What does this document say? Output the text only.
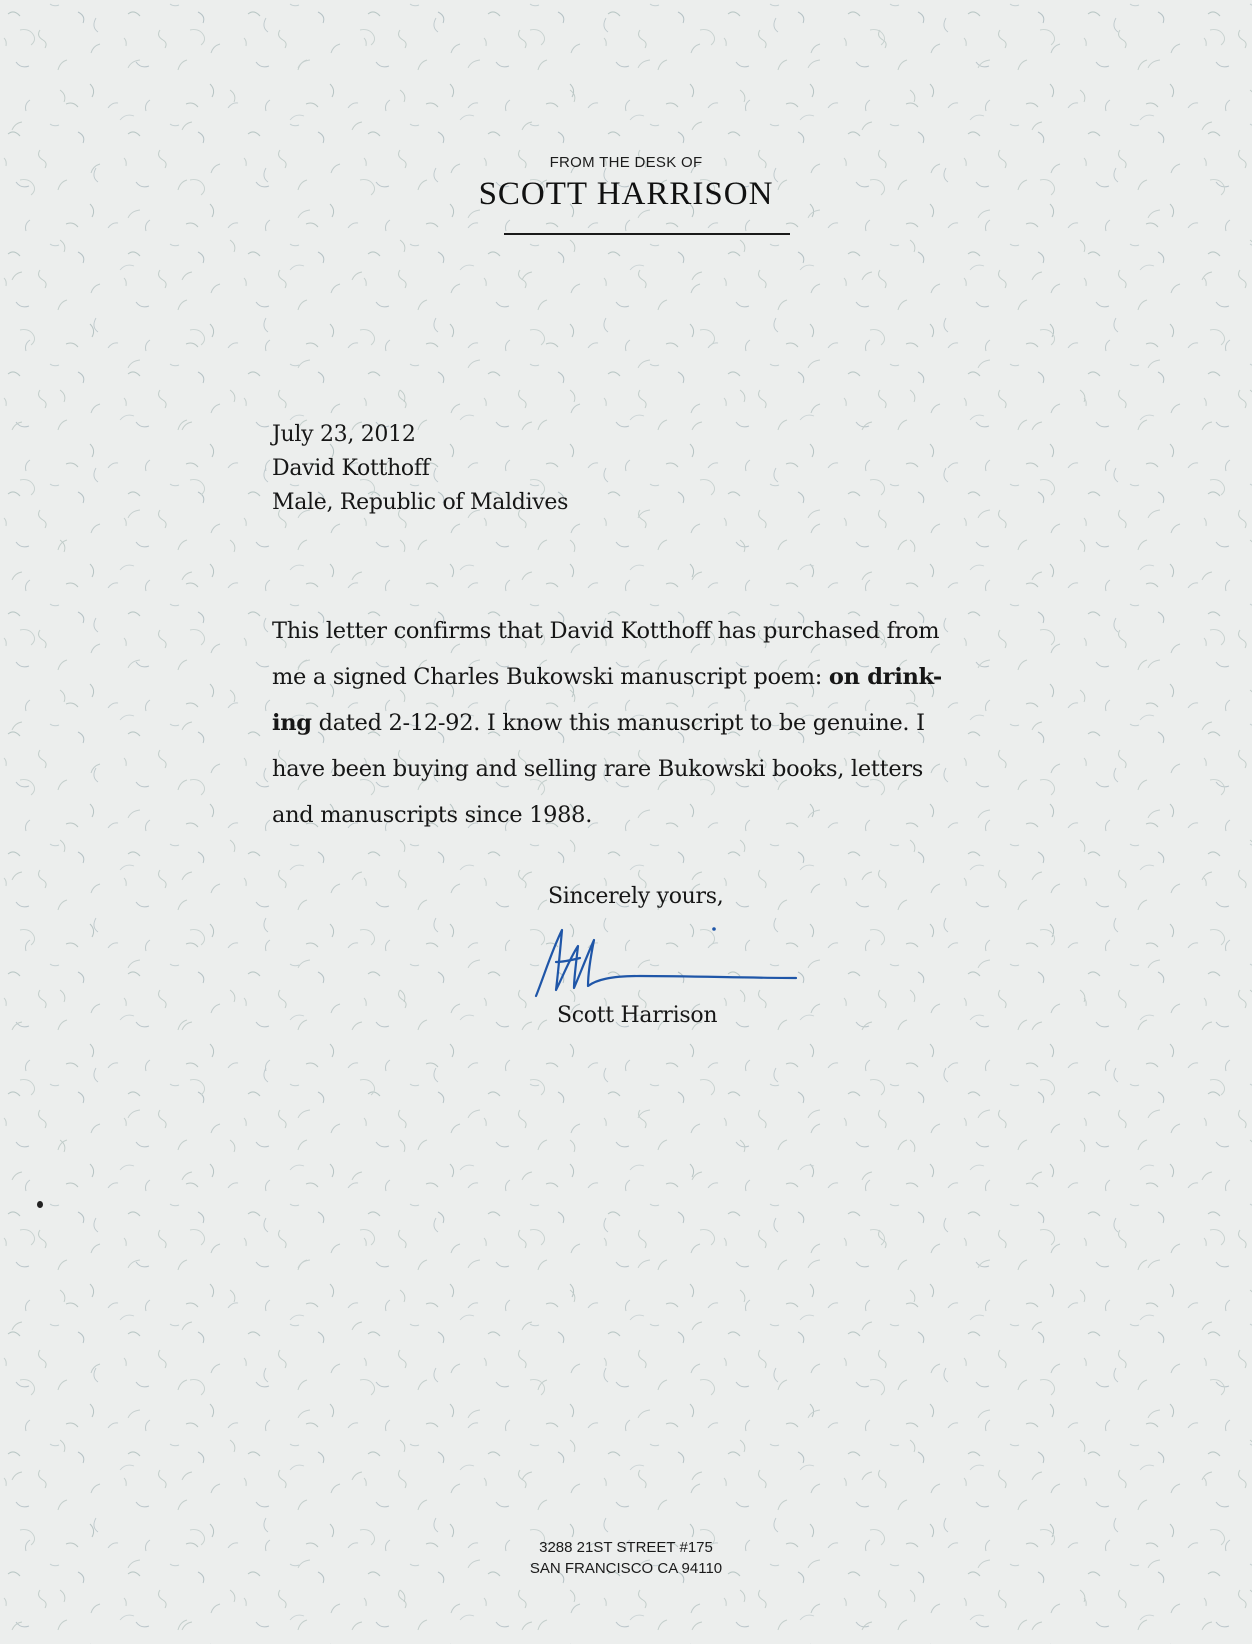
FROM THE DESK OF
SCOTT HARRISON
July 23, 2012
David Kotthoff
Male, Republic of Maldives
This letter confirms that David Kotthoff has purchased from
me a signed Charles Bukowski manuscript poem: on drink-
ing dated 2-12-92. I know this manuscript to be genuine. I
have been buying and selling rare Bukowski books, letters
and manuscripts since 1988.
Sincerely yours,
Scott Harrison
3288 21ST STREET #175
SAN FRANCISCO CA 94110
